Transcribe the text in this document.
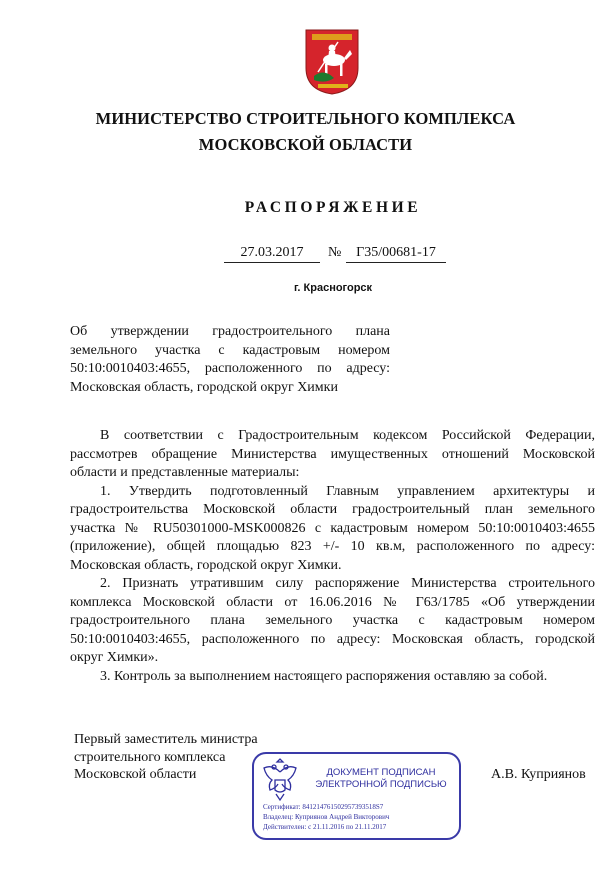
МИНИСТЕРСТВО СТРОИТЕЛЬНОГО КОМПЛЕКСА
МОСКОВСКОЙ ОБЛАСТИ
РАСПОРЯЖЕНИЕ
27.03.2017	№	Г35/00681-17
г. Красногорск
Об утверждении градостроительного плана
земельного участка с кадастровым номером
50:10:0010403:4655, расположенного по адресу:
Московская область, городской округ Химки
В соответствии с Градостроительным кодексом Российской Федерации,
рассмотрев обращение Министерства имущественных отношений Московской
области и представленные материалы:
1. Утвердить подготовленный Главным управлением архитектуры и
градостроительства Московской области градостроительный план земельного
участка № RU50301000-MSK000826 с кадастровым номером 50:10:0010403:4655
(приложение), общей площадью 823 +/- 10 кв.м, расположенного по адресу:
Московская область, городской округ Химки.
2. Признать утратившим силу распоряжение Министерства строительного
комплекса Московской области от 16.06.2016 № Г63/1785 «Об утверждении
градостроительного плана земельного участка с кадастровым номером
50:10:0010403:4655, расположенного по адресу: Московская область, городской
округ Химки».
3. Контроль за выполнением настоящего распоряжения оставляю за собой.
Первый заместитель министра
строительного комплекса
Московской области	ДОКУМЕНТ ПОДПИСАН
ЭЛЕКТРОННОЙ ПОДПИСЬЮ
Сертификат: 841214761502957393518S7
Владелец: Куприянов Андрей Викторович
Действителен: с 21.11.2016 по 21.11.2017
А.В. Куприянов
